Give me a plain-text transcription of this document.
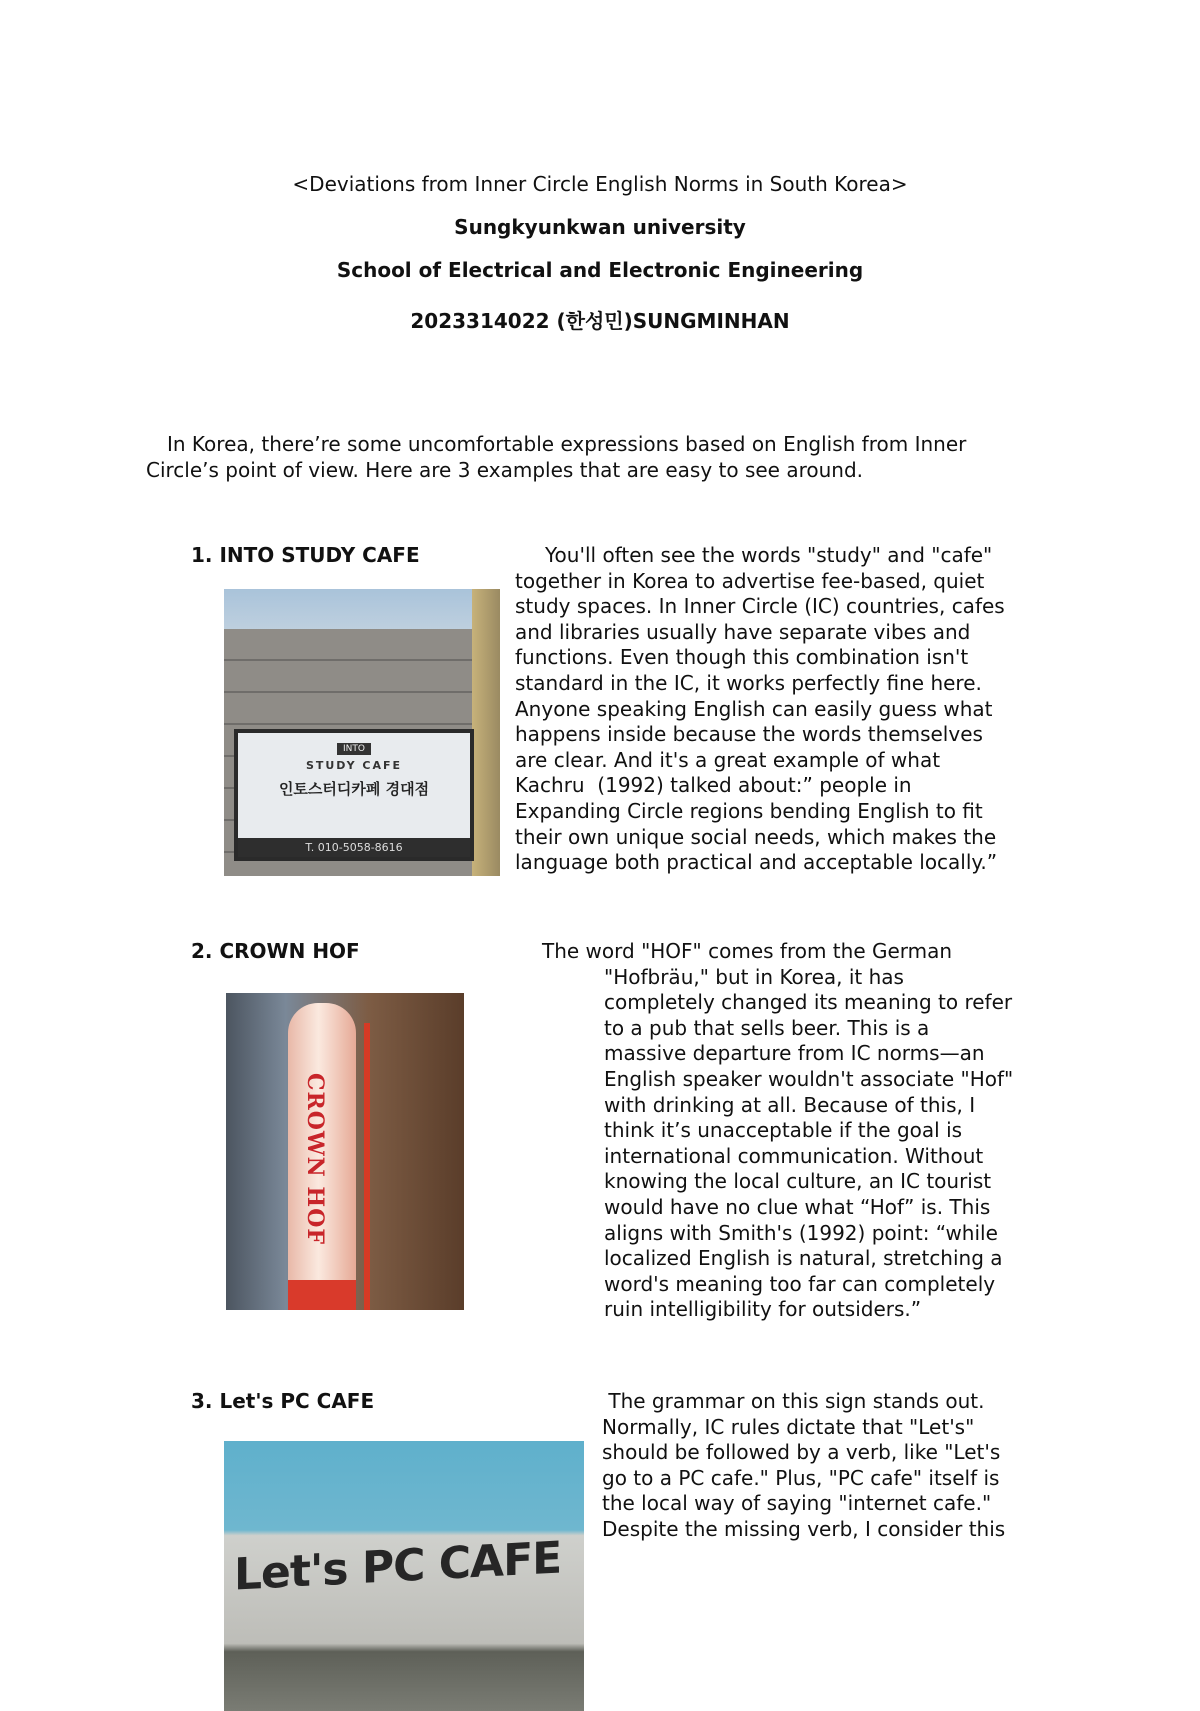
<Deviations from Inner Circle English Norms in South Korea>
Sungkyunkwan university
School of Electrical and Electronic Engineering
2023314022 (한성민)SUNGMINHAN
In Korea, there’re some uncomfortable expressions based on English from Inner
Circle’s point of view. Here are 3 examples that are easy to see around.
1. INTO STUDY CAFE
INTO
STUDY CAFE
인토스터디카페 경대점
T. 010-5058-8616
You'll often see the words "study" and "cafe"
together in Korea to advertise fee-based, quiet
study spaces. In Inner Circle (IC) countries, cafes
and libraries usually have separate vibes and
functions. Even though this combination isn't
standard in the IC, it works perfectly fine here.
Anyone speaking English can easily guess what
happens inside because the words themselves
are clear. And it's a great example of what
Kachru  (1992) talked about:” people in
Expanding Circle regions bending English to fit
their own unique social needs, which makes the
language both practical and acceptable locally.”
2. CROWN HOF
CROWN HOF
The word "HOF" comes from the German
"Hofbräu," but in Korea, it has
completely changed its meaning to refer
to a pub that sells beer. This is a
massive departure from IC norms—an
English speaker wouldn't associate "Hof"
with drinking at all. Because of this, I
think it’s unacceptable if the goal is
international communication. Without
knowing the local culture, an IC tourist
would have no clue what “Hof” is. This
aligns with Smith's (1992) point: “while
localized English is natural, stretching a
word's meaning too far can completely
ruin intelligibility for outsiders.”
3. Let's PC CAFE
Let's PC CAFE
The grammar on this sign stands out.
Normally, IC rules dictate that "Let's"
should be followed by a verb, like "Let's
go to a PC cafe." Plus, "PC cafe" itself is
the local way of saying "internet cafe."
Despite the missing verb, I consider this
